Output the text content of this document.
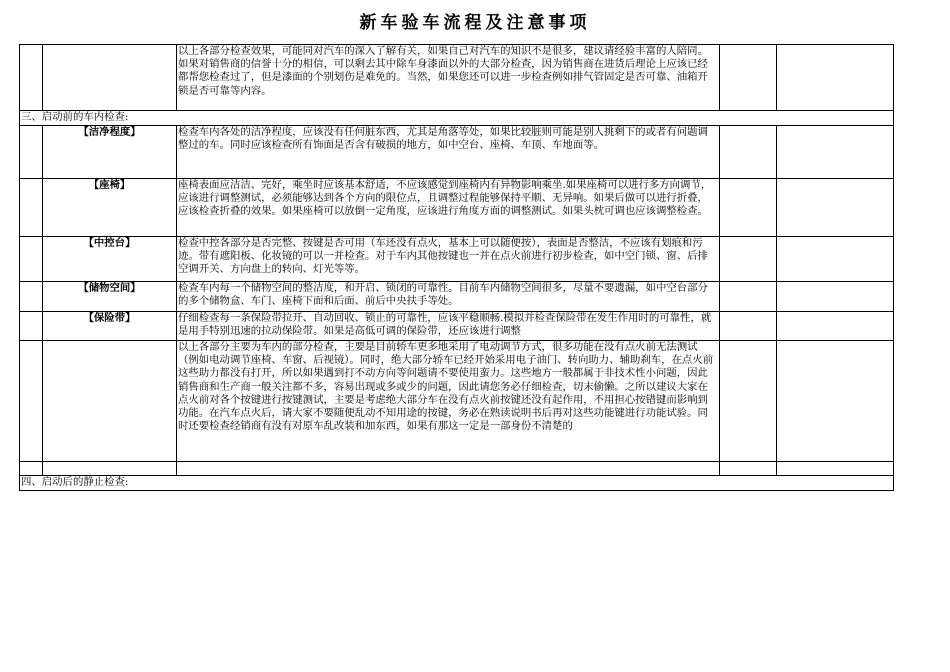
新车验车流程及注意事项
		以上各部分检查效果，可能同对汽车的深入了解有关，如果自己对汽车的知识不是很多，建议请经验丰富的人陪同。如果对销售商的信誉十分的相信，可以剩去其中除车身漆面以外的大部分检查，因为销售商在进货后理论上应该已经都帮您检查过了，但是漆面的个别划伤是难免的。当然，如果您还可以进一步检查例如排气管固定是否可靠、油箱开锁是否可靠等内容。		
三、启动前的车内检查:				
	【洁净程度】	检查车内各处的洁净程度，应该没有任何脏东西，尤其是角落等处，如果比较脏则可能是别人挑剩下的或者有问题调整过的车。同时应该检查所有饰面是否含有破损的地方，如中空台、座椅、车顶、车地面等。		
	【座椅】	座椅表面应洁洁、完好，乘坐时应该基本舒适，不应该感觉到座椅内有异物影响乘坐.如果座椅可以进行多方向调节，应该进行调整测试，必须能够达到各个方向的限位点，且调整过程能够保持平顺、无异响。如果后做可以进行折叠，应该检查折叠的效果。如果座椅可以放倒一定角度，应该进行角度方面的调整测试。如果头枕可调也应该调整检查。		
	【中控台】	检查中控各部分是否完整、按键是否可用（车还没有点火，基本上可以随便按），表面是否整洁，不应该有划痕和污迹。带有遮阳板、化妆镜的可以一并检查。对于车内其他按键也一并在点火前进行初步检查，如中空门锁、窗、后排空调开关、方向盘上的转向、灯光等等。		
	【储物空间】	检查车内每一个储物空间的整洁度，和开启、锁闭的可靠性。目前车内储物空间很多，尽量不要遗漏，如中空台部分的多个储物盒、车门、座椅下面和后面、前后中央扶手等处。		
	【保险带】	仔细检查每一条保险带拉开、自动回收、锁止的可靠性，应该平稳顺畅.模拟并检查保险带在发生作用时的可靠性，就是用手特别迅速的拉动保险带。如果是高低可调的保险带，还应该进行调整		

		以上各部分主要为车内的部分检查，主要是目前轿车更多地采用了电动调节方式，很多功能在没有点火前无法测试（例如电动调节座椅、车窗、后视镜）。同时，绝大部分轿车已经开始采用电子油门、转向助力、辅助刹车，在点火前这些助力都没有打开，所以如果遇到打不动方向等问题请不要使用蛮力。这些地方一般都属于非技术性小问题，因此销售商和生产商一般关注都不多，容易出现或多或少的问题，因此请您务必仔细检查，切末偷懒。之所以建议大家在点火前对各个按键进行按键测试，主要是考虑绝大部分车在没有点火前按键还没有起作用，不用担心按错键而影响到功能。在汽车点火后，请大家不要随便乱动不知用途的按键，务必在熟读说明书后再对这些功能键进行功能试验。同时还要检查经销商有没有对原车乱改装和加东西，如果有那这一定是一部身份不清楚的		

四、启动后的静止检查:				
